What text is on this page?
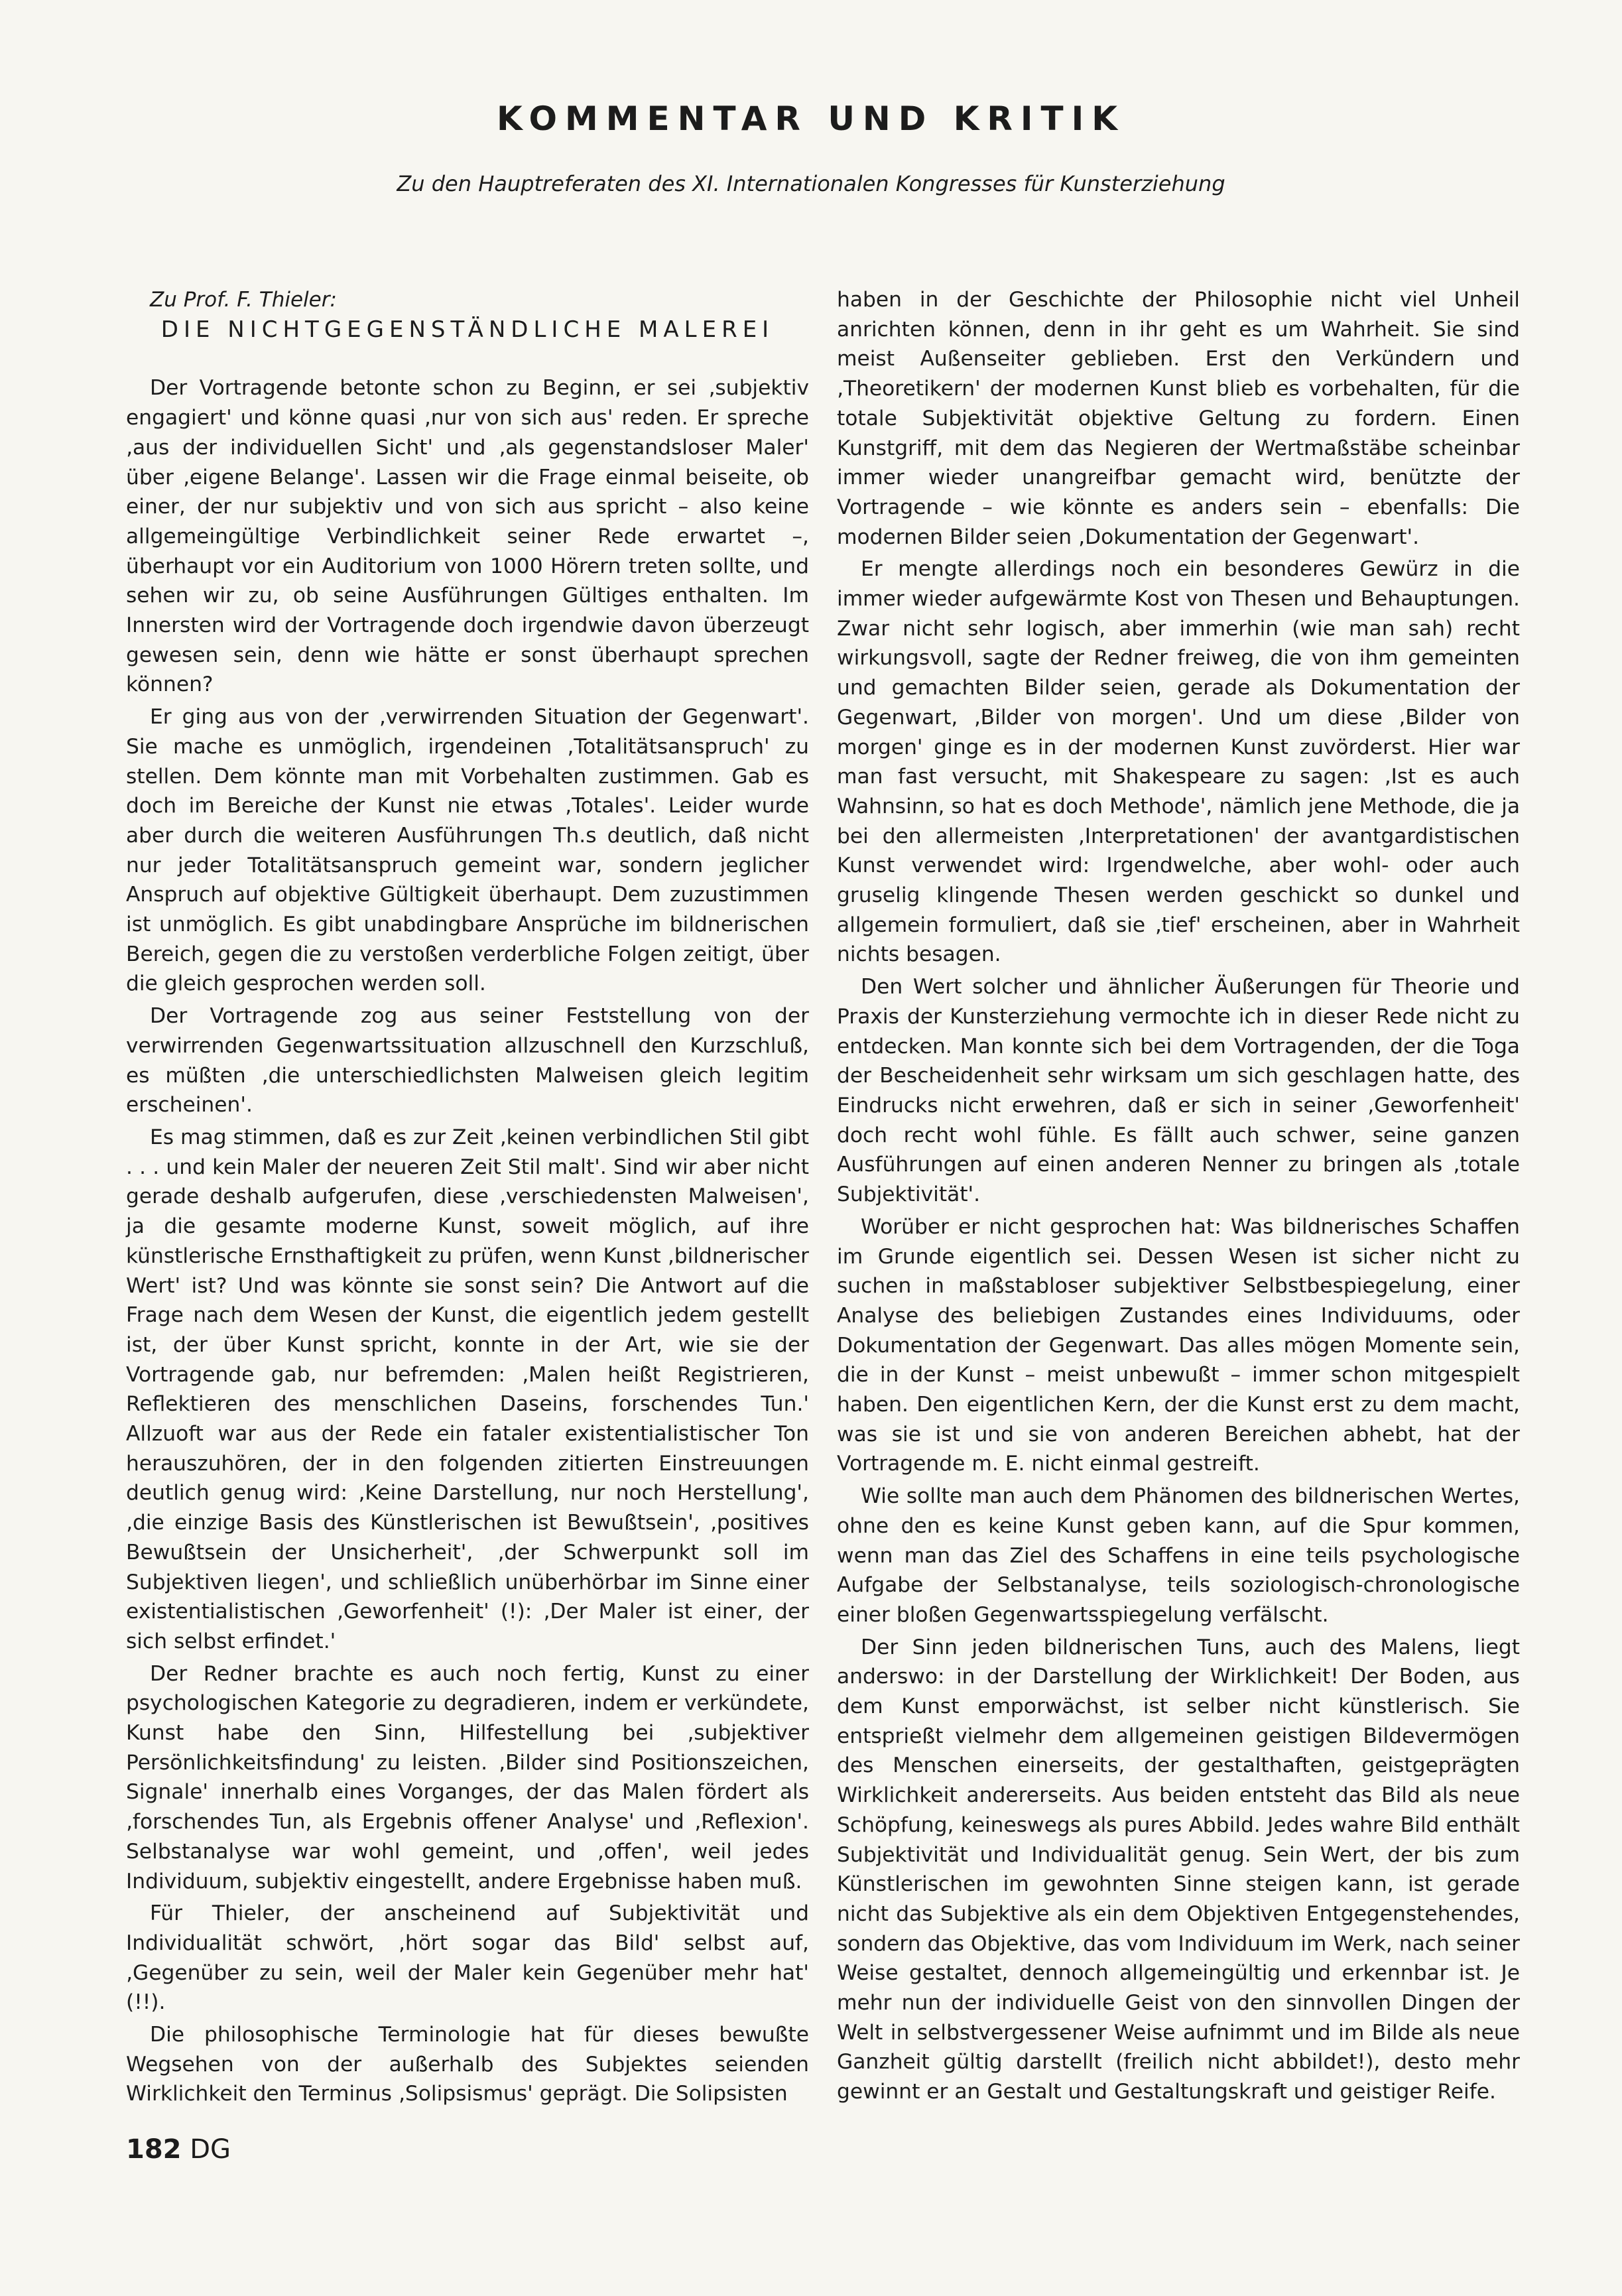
KOMMENTAR UND KRITIK

Zu den Hauptreferaten des XI. Internationalen Kongresses für Kunsterziehung

Zu Prof. F. Thieler:

DIE NICHTGEGENSTÄNDLICHE MALEREI

Der Vortragende betonte schon zu Beginn, er sei ‚subjektiv engagiert' und könne quasi ‚nur von sich aus' reden. Er spreche ‚aus der individuellen Sicht' und ‚als gegenstandsloser Maler' über ‚eigene Belange'. Lassen wir die Frage einmal beiseite, ob einer, der nur subjektiv und von sich aus spricht – also keine allgemeingültige Verbindlichkeit seiner Rede erwartet –, überhaupt vor ein Auditorium von 1000 Hörern treten sollte, und sehen wir zu, ob seine Ausführungen Gültiges enthalten. Im Innersten wird der Vortragende doch irgendwie davon überzeugt gewesen sein, denn wie hätte er sonst überhaupt sprechen können?

Er ging aus von der ‚verwirrenden Situation der Gegenwart'. Sie mache es unmöglich, irgendeinen ‚Totalitätsanspruch' zu stellen. Dem könnte man mit Vorbehalten zustimmen. Gab es doch im Bereiche der Kunst nie etwas ‚Totales'. Leider wurde aber durch die weiteren Ausführungen Th.s deutlich, daß nicht nur jeder Totalitätsanspruch gemeint war, sondern jeglicher Anspruch auf objektive Gültigkeit überhaupt. Dem zuzustimmen ist unmöglich. Es gibt unabdingbare Ansprüche im bildnerischen Bereich, gegen die zu verstoßen verderbliche Folgen zeitigt, über die gleich gesprochen werden soll.

Der Vortragende zog aus seiner Feststellung von der verwirrenden Gegenwartssituation allzuschnell den Kurzschluß, es müßten ‚die unterschiedlichsten Malweisen gleich legitim erscheinen'.

Es mag stimmen, daß es zur Zeit ‚keinen verbindlichen Stil gibt . . . und kein Maler der neueren Zeit Stil malt'. Sind wir aber nicht gerade deshalb aufgerufen, diese ‚verschiedensten Malweisen', ja die gesamte moderne Kunst, soweit möglich, auf ihre künstlerische Ernsthaftigkeit zu prüfen, wenn Kunst ‚bildnerischer Wert' ist? Und was könnte sie sonst sein? Die Antwort auf die Frage nach dem Wesen der Kunst, die eigentlich jedem gestellt ist, der über Kunst spricht, konnte in der Art, wie sie der Vortragende gab, nur befremden: ‚Malen heißt Registrieren, Reflektieren des menschlichen Daseins, forschendes Tun.' Allzuoft war aus der Rede ein fataler existentialistischer Ton herauszuhören, der in den folgenden zitierten Einstreuungen deutlich genug wird: ‚Keine Darstellung, nur noch Herstellung', ‚die einzige Basis des Künstlerischen ist Bewußtsein', ‚positives Bewußtsein der Unsicherheit', ‚der Schwerpunkt soll im Subjektiven liegen', und schließlich unüberhörbar im Sinne einer existentialistischen ‚Geworfenheit' (!): ‚Der Maler ist einer, der sich selbst erfindet.'

Der Redner brachte es auch noch fertig, Kunst zu einer psychologischen Kategorie zu degradieren, indem er verkündete, Kunst habe den Sinn, Hilfestellung bei ‚subjektiver Persönlichkeitsfindung' zu leisten. ‚Bilder sind Positionszeichen, Signale' innerhalb eines Vorganges, der das Malen fördert als ‚forschendes Tun, als Ergebnis offener Analyse' und ‚Reflexion'. Selbstanalyse war wohl gemeint, und ‚offen', weil jedes Individuum, subjektiv eingestellt, andere Ergebnisse haben muß.

Für Thieler, der anscheinend auf Subjektivität und Individualität schwört, ‚hört sogar das Bild' selbst auf, ‚Gegenüber zu sein, weil der Maler kein Gegenüber mehr hat' (!!).

Die philosophische Terminologie hat für dieses bewußte Wegsehen von der außerhalb des Subjektes seienden Wirklichkeit den Terminus ‚Solipsismus' geprägt. Die Solipsisten

haben in der Geschichte der Philosophie nicht viel Unheil anrichten können, denn in ihr geht es um Wahrheit. Sie sind meist Außenseiter geblieben. Erst den Verkündern und ‚Theoretikern' der modernen Kunst blieb es vorbehalten, für die totale Subjektivität objektive Geltung zu fordern. Einen Kunstgriff, mit dem das Negieren der Wertmaßstäbe scheinbar immer wieder unangreifbar gemacht wird, benützte der Vortragende – wie könnte es anders sein – ebenfalls: Die modernen Bilder seien ‚Dokumentation der Gegenwart'.

Er mengte allerdings noch ein besonderes Gewürz in die immer wieder aufgewärmte Kost von Thesen und Behauptungen. Zwar nicht sehr logisch, aber immerhin (wie man sah) recht wirkungsvoll, sagte der Redner freiweg, die von ihm gemeinten und gemachten Bilder seien, gerade als Dokumentation der Gegenwart, ‚Bilder von morgen'. Und um diese ‚Bilder von morgen' ginge es in der modernen Kunst zuvörderst. Hier war man fast versucht, mit Shakespeare zu sagen: ‚Ist es auch Wahnsinn, so hat es doch Methode', nämlich jene Methode, die ja bei den allermeisten ‚Interpretationen' der avantgardistischen Kunst verwendet wird: Irgendwelche, aber wohl- oder auch gruselig klingende Thesen werden geschickt so dunkel und allgemein formuliert, daß sie ‚tief' erscheinen, aber in Wahrheit nichts besagen.

Den Wert solcher und ähnlicher Äußerungen für Theorie und Praxis der Kunsterziehung vermochte ich in dieser Rede nicht zu entdecken. Man konnte sich bei dem Vortragenden, der die Toga der Bescheidenheit sehr wirksam um sich geschlagen hatte, des Eindrucks nicht erwehren, daß er sich in seiner ‚Geworfenheit' doch recht wohl fühle. Es fällt auch schwer, seine ganzen Ausführungen auf einen anderen Nenner zu bringen als ‚totale Subjektivität'.

Worüber er nicht gesprochen hat: Was bildnerisches Schaffen im Grunde eigentlich sei. Dessen Wesen ist sicher nicht zu suchen in maßstabloser subjektiver Selbstbespiegelung, einer Analyse des beliebigen Zustandes eines Individuums, oder Dokumentation der Gegenwart. Das alles mögen Momente sein, die in der Kunst – meist unbewußt – immer schon mitgespielt haben. Den eigentlichen Kern, der die Kunst erst zu dem macht, was sie ist und sie von anderen Bereichen abhebt, hat der Vortragende m. E. nicht einmal gestreift.

Wie sollte man auch dem Phänomen des bildnerischen Wertes, ohne den es keine Kunst geben kann, auf die Spur kommen, wenn man das Ziel des Schaffens in eine teils psychologische Aufgabe der Selbstanalyse, teils soziologisch-chronologische einer bloßen Gegenwartsspiegelung verfälscht.

Der Sinn jeden bildnerischen Tuns, auch des Malens, liegt anderswo: in der Darstellung der Wirklichkeit! Der Boden, aus dem Kunst emporwächst, ist selber nicht künstlerisch. Sie entsprießt vielmehr dem allgemeinen geistigen Bildevermögen des Menschen einerseits, der gestalthaften, geistgeprägten Wirklichkeit andererseits. Aus beiden entsteht das Bild als neue Schöpfung, keineswegs als pures Abbild. Jedes wahre Bild enthält Subjektivität und Individualität genug. Sein Wert, der bis zum Künstlerischen im gewohnten Sinne steigen kann, ist gerade nicht das Subjektive als ein dem Objektiven Entgegenstehendes, sondern das Objektive, das vom Individuum im Werk, nach seiner Weise gestaltet, dennoch allgemeingültig und erkennbar ist. Je mehr nun der individuelle Geist von den sinnvollen Dingen der Welt in selbstvergessener Weise aufnimmt und im Bilde als neue Ganzheit gültig darstellt (freilich nicht abbildet!), desto mehr gewinnt er an Gestalt und Gestaltungskraft und geistiger Reife.

182 DG
